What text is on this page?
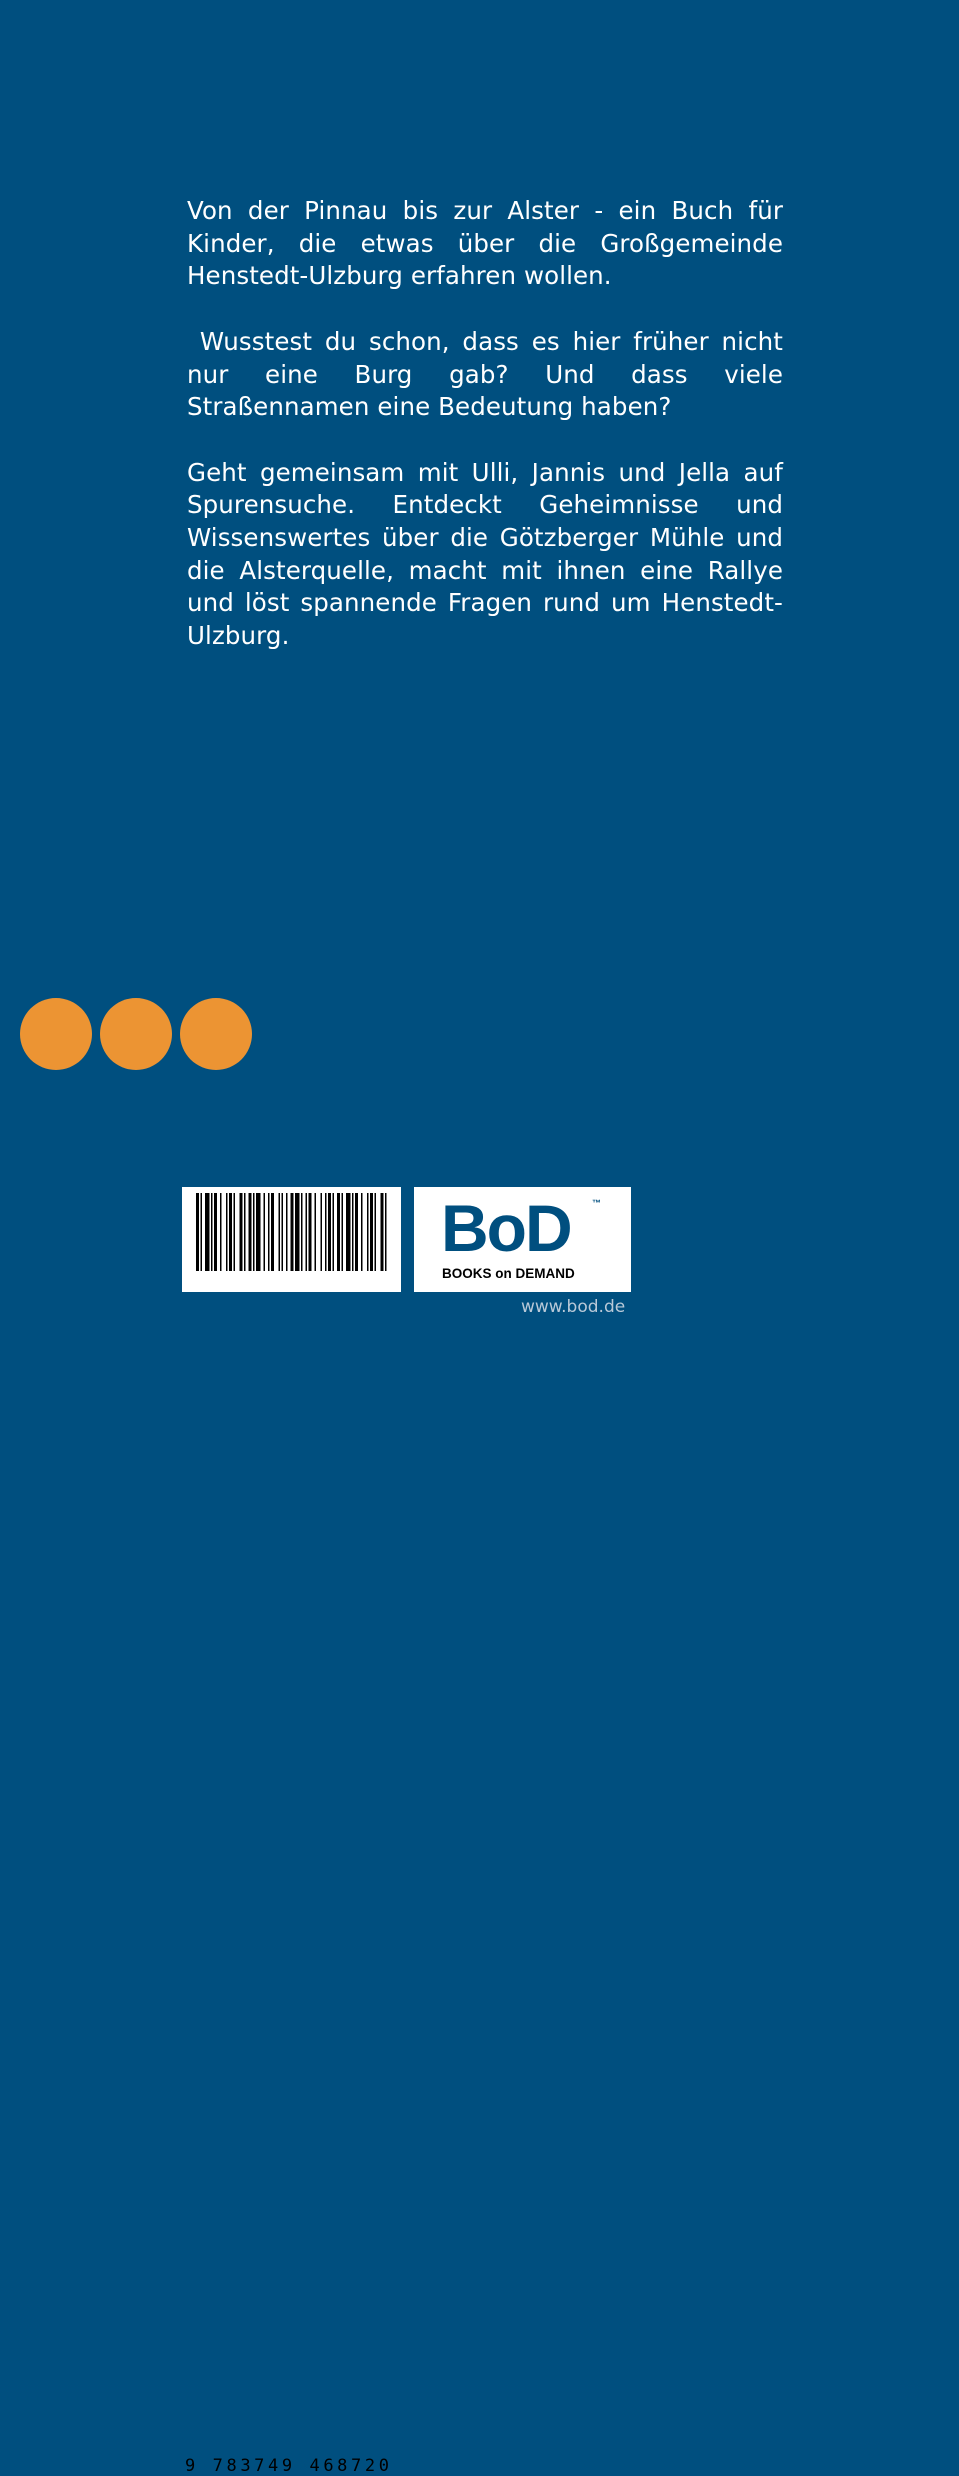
Von der Pinnau bis zur Alster - ein Buch für Kinder, die etwas über die Großgemeinde Henstedt-Ulzburg erfahren wollen.

Wusstest du schon, dass es hier früher nicht nur eine Burg gab? Und dass viele Straßennamen eine Bedeutung haben?

Geht gemeinsam mit Ulli, Jannis und Jella auf Spurensuche. Entdeckt Geheimnisse und Wissenswertes über die Götzberger Mühle und die Alsterquelle, macht mit ihnen eine Rallye und löst spannende Fragen rund um Henstedt-Ulzburg.

9 783749 468720
BoD ™
BOOKS on DEMAND
www.bod.de
